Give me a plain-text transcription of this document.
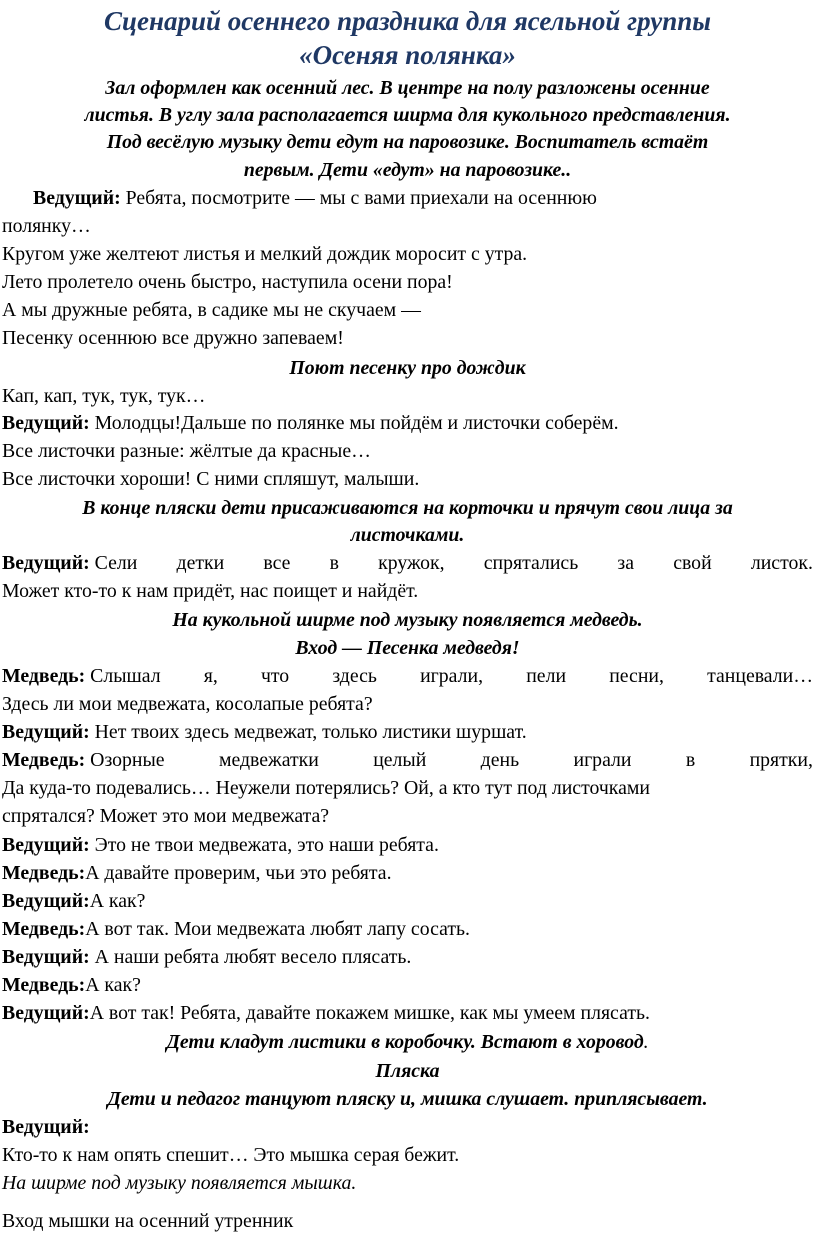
Сценарий осеннего праздника для ясельной группы
«Осеняя полянка»
Зал оформлен как осенний лес. В центре на полу разложены осенние
листья. В углу зала располагается ширма для кукольного представления.
Под весёлую музыку дети едут на паровозике. Воспитатель встаёт
первым. Дети «едут» на паровозике..
Ведущий: Ребята, посмотрите — мы с вами приехали на осеннюю
полянку…
Кругом уже желтеют листья и мелкий дождик моросит с утра.
Лето пролетело очень быстро, наступила осени пора!
А мы дружные ребята, в садике мы не скучаем —
Песенку осеннюю все дружно запеваем!
Поют песенку про дождик
Кап, кап, тук, тук, тук…
Ведущий: Молодцы!Дальше по полянке мы пойдём и листочки соберём.
Все листочки разные: жёлтые да красные…
Все листочки хороши! С ними спляшут, малыши.
В конце пляски дети присаживаются на корточки и прячут свои лица за
листочками.
Ведущий: Сели детки все в кружок, спрятались за свой листок.
Может кто-то к нам придёт, нас поищет и найдёт.
На кукольной ширме под музыку появляется медведь.
Вход — Песенка медведя!
Медведь: Слышал я, что здесь играли, пели песни, танцевали…
Здесь ли мои медвежата, косолапые ребята?
Ведущий: Нет твоих здесь медвежат, только листики шуршат.
Медведь: Озорные	медвежатки	целый	день	играли	в	прятки,
Да куда-то подевались… Неужели потерялись? Ой, а кто тут под листочками
спрятался? Может это мои медвежата?
Ведущий: Это не твои медвежата, это наши ребята.
Медведь:А давайте проверим, чьи это ребята.
Ведущий:А как?
Медведь:А вот так. Мои медвежата любят лапу сосать.
Ведущий: А наши ребята любят весело плясать.
Медведь:А как?
Ведущий:А вот так! Ребята, давайте покажем мишке, как мы умеем плясать.
Дети кладут листики в коробочку. Встают в хоровод.
Пляска
Дети и педагог танцуют пляску и, мишка слушает. приплясывает.
Ведущий:
Кто-то к нам опять спешит… Это мышка серая бежит.
На ширме под музыку появляется мышка.
Вход мышки на осенний утренник
